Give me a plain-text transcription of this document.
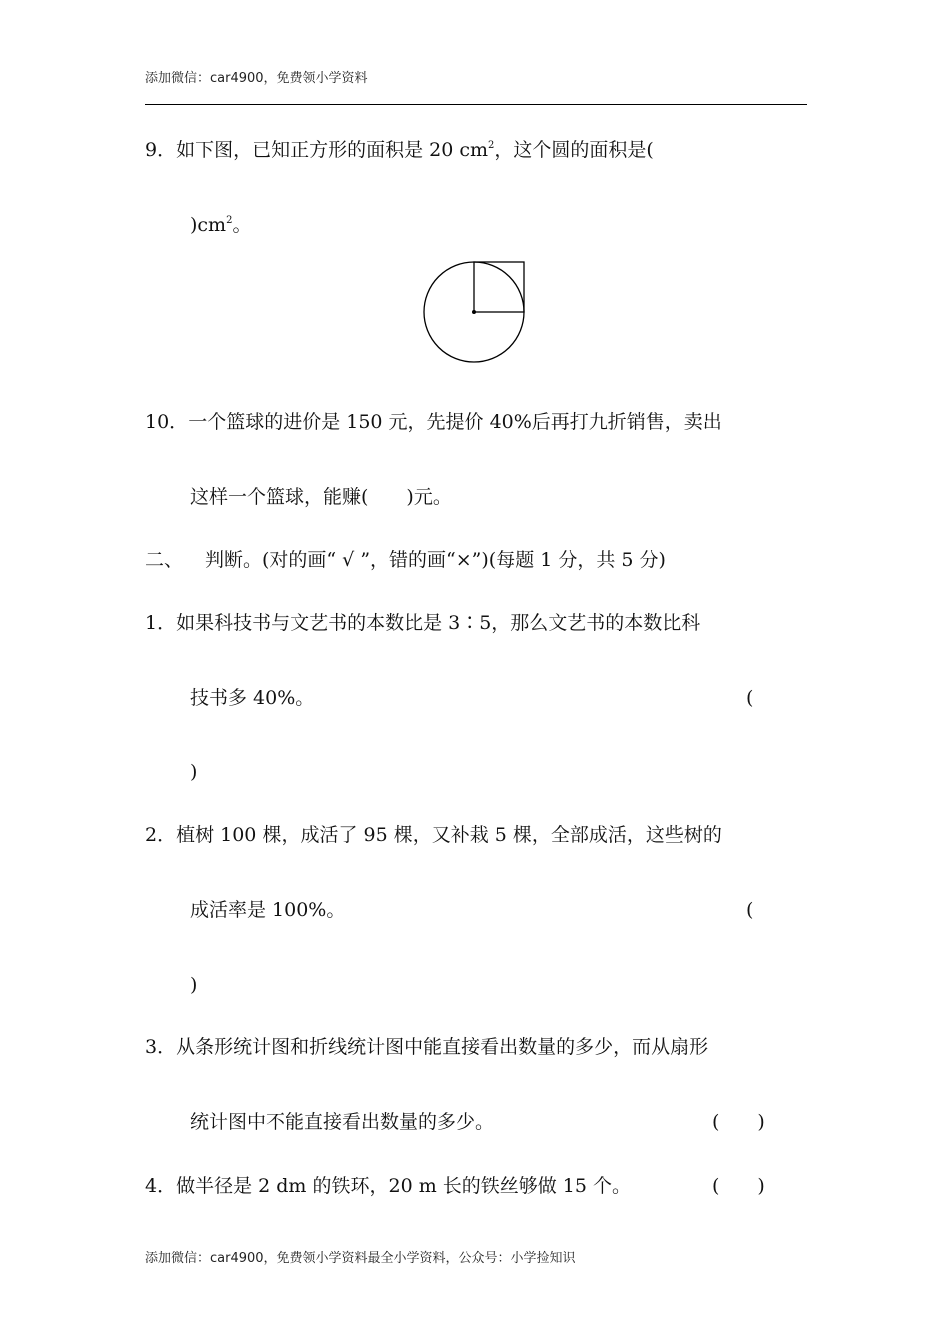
添加微信：car4900，免费领小学资料
9．如下图，已知正方形的面积是 20 $cm^2$，这个圆的面积是(
)$cm^2$。
10．一个篮球的进价是 150 元，先提价 40%后再打九折销售，卖出
这样一个篮球，能赚(　　)元。
二、 判断。(对的画“ √ ”，错的画“×”)(每题 1 分，共 5 分)
1．如果科技书与文艺书的本数比是 3∶5，那么文艺书的本数比科
技书多 40%。	(
)
2．植树 100 棵，成活了 95 棵，又补栽 5 棵，全部成活，这些树的
成活率是 100%。	(
)
3．从条形统计图和折线统计图中能直接看出数量的多少，而从扇形
统计图中不能直接看出数量的多少。	(　　)
4．做半径是 2 dm 的铁环，20 m 长的铁丝够做 15 个。	(　　)
添加微信：car4900，免费领小学资料最全小学资料，公众号：小学捡知识
